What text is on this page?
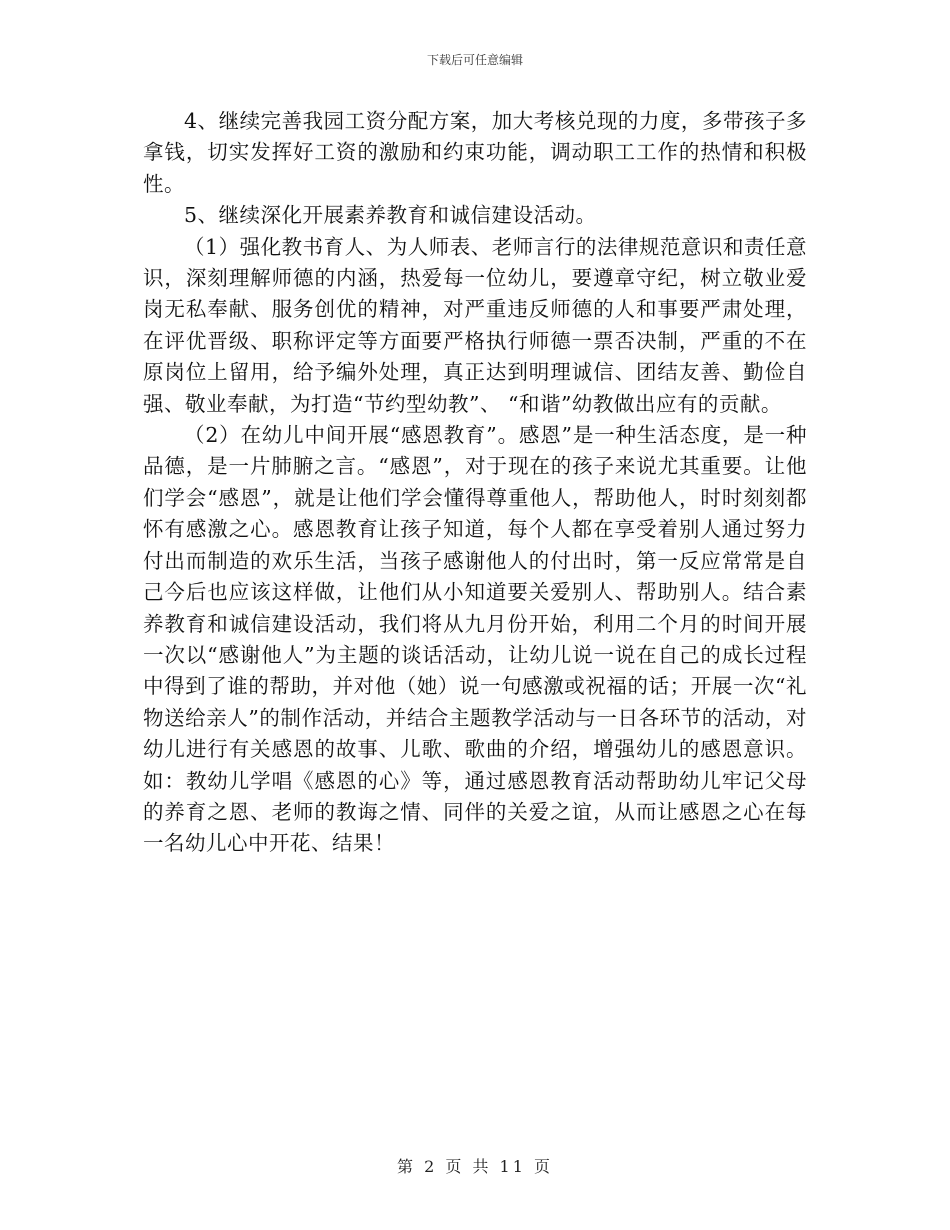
下载后可任意编辑

4、继续完善我园工资分配方案，加大考核兑现的力度，多带孩子多拿钱，切实发挥好工资的激励和约束功能，调动职工工作的热情和积极性。

5、继续深化开展素养教育和诚信建设活动。

（1）强化教书育人、为人师表、老师言行的法律规范意识和责任意识，深刻理解师德的内涵，热爱每一位幼儿，要遵章守纪，树立敬业爱岗无私奉献、服务创优的精神，对严重违反师德的人和事要严肃处理，在评优晋级、职称评定等方面要严格执行师德一票否决制，严重的不在原岗位上留用，给予编外处理，真正达到明理诚信、团结友善、勤俭自强、敬业奉献，为打造“节约型幼教”、 “和谐”幼教做出应有的贡献。

（2）在幼儿中间开展“感恩教育”。感恩”是一种生活态度，是一种品德，是一片肺腑之言。“感恩”，对于现在的孩子来说尤其重要。让他们学会“感恩”，就是让他们学会懂得尊重他人，帮助他人，时时刻刻都怀有感激之心。感恩教育让孩子知道，每个人都在享受着别人通过努力付出而制造的欢乐生活，当孩子感谢他人的付出时，第一反应常常是自己今后也应该这样做，让他们从小知道要关爱别人、帮助别人。结合素养教育和诚信建设活动，我们将从九月份开始，利用二个月的时间开展一次以“感谢他人”为主题的谈话活动，让幼儿说一说在自己的成长过程中得到了谁的帮助，并对他（她）说一句感激或祝福的话；开展一次“礼物送给亲人”的制作活动，并结合主题教学活动与一日各环节的活动，对幼儿进行有关感恩的故事、儿歌、歌曲的介绍，增强幼儿的感恩意识。如：教幼儿学唱《感恩的心》等，通过感恩教育活动帮助幼儿牢记父母的养育之恩、老师的教诲之情、同伴的关爱之谊，从而让感恩之心在每一名幼儿心中开花、结果！

第 2 页 共 11 页
